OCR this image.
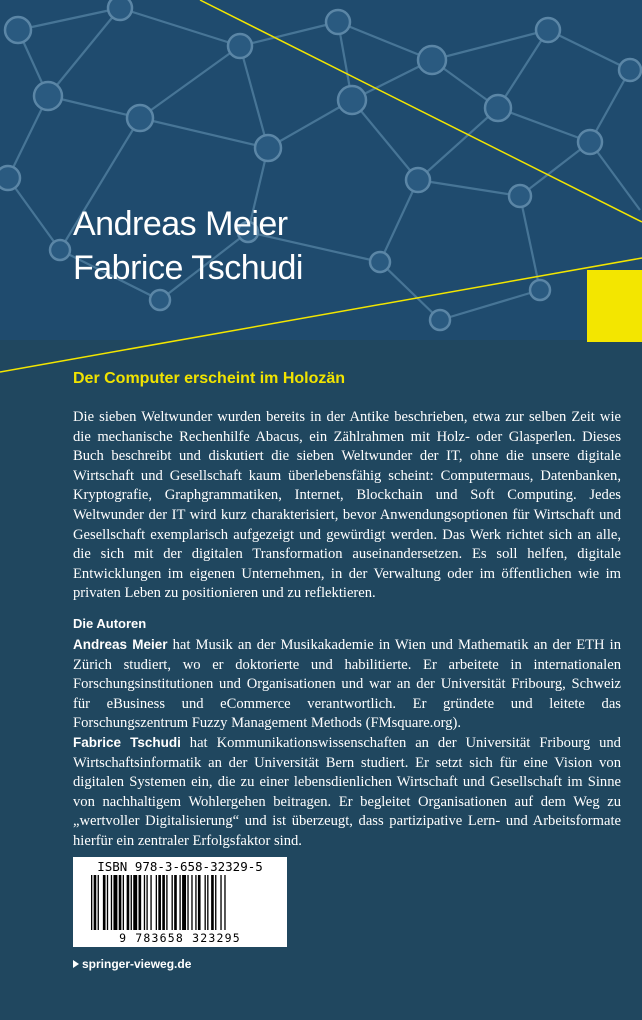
Andreas Meier
Fabrice Tschudi
Der Computer erscheint im Holozän

Die sieben Weltwunder wurden bereits in der Antike beschrieben, etwa zur selben Zeit wie die mechanische Rechenhilfe Abacus, ein Zählrahmen mit Holz- oder Glasperlen. Dieses Buch beschreibt und diskutiert die sieben Weltwunder der IT, ohne die unsere digitale Wirtschaft und Gesellschaft kaum überlebensfähig scheint: Computermaus, Datenbanken, Kryptografie, Graphgrammatiken, Internet, Blockchain und Soft Computing. Jedes Weltwunder der IT wird kurz charakterisiert, bevor Anwendungsoptionen für Wirtschaft und Gesellschaft exemplarisch aufgezeigt und gewürdigt werden. Das Werk richtet sich an alle, die sich mit der digitalen Transformation auseinandersetzen. Es soll helfen, digitale Entwicklungen im eigenen Unternehmen, in der Verwaltung oder im öffentlichen wie im privaten Leben zu positionieren und zu reflektieren.

Die Autoren

Andreas Meier hat Musik an der Musikakademie in Wien und Mathematik an der ETH in Zürich studiert, wo er doktorierte und habilitierte. Er arbeitete in internationalen Forschungsinstitutionen und Organisationen und war an der Universität Fribourg, Schweiz für eBusiness und eCommerce verantwortlich. Er gründete und leitete das Forschungszentrum Fuzzy Management Methods (FMsquare.org).

Fabrice Tschudi hat Kommunikationswissenschaften an der Universität Fribourg und Wirtschaftsinformatik an der Universität Bern studiert. Er setzt sich für eine Vision von digitalen Systemen ein, die zu einer lebensdienlichen Wirtschaft und Gesellschaft im Sinne von nachhaltigem Wohlergehen beitragen. Er begleitet Organisationen auf dem Weg zu „wertvoller Digitalisierung“ und ist überzeugt, dass partizipative Lern- und Arbeitsformate hierfür ein zentraler Erfolgsfaktor sind.

ISBN 978-3-658-32329-5
9 783658 323295
springer-vieweg.de
